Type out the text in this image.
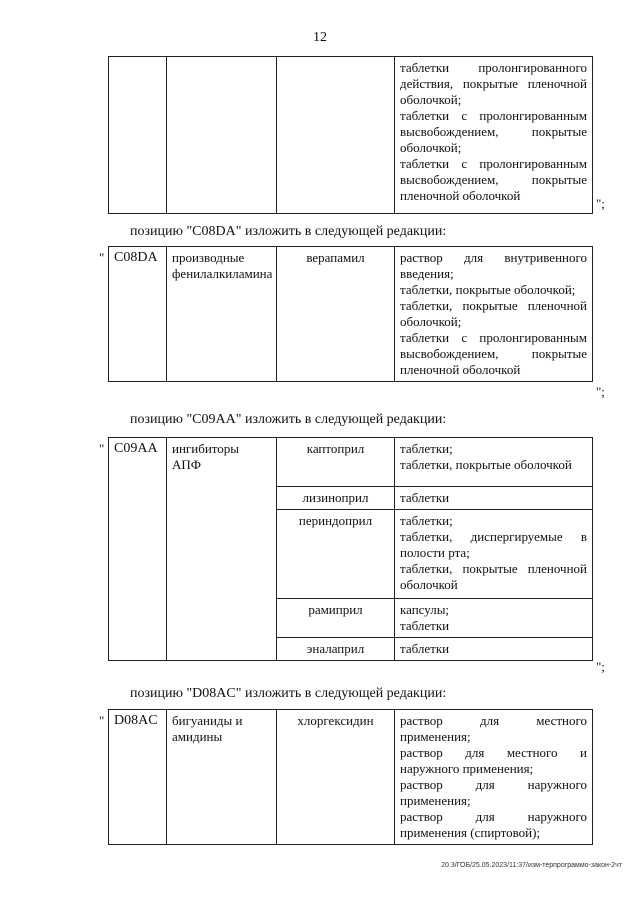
12

таблетки пролонгированного действия, покрытые пленочной оболочкой;

таблетки с пролонгированным высвобождением, покрытые оболочкой;

таблетки с пролонгированным высвобождением, покрытые пленочной оболочкой

";
позицию "C08DA" изложить в следующей редакции:
" C08DA	производные фенилалкиламина	верапамил	раствор для внутривенного введения;

таблетки, покрытые оболочкой;

таблетки, покрытые пленочной оболочкой;

таблетки с пролонгированным высвобождением, покрытые пленочной оболочкой

";
позицию "C09AA" изложить в следующей редакции:
" C09AA	ингибиторы АПФ	каптоприл	таблетки;

таблетки, покрытые оболочкой

		лизиноприл	таблетки

		периндоприл	таблетки;

таблетки, диспергируемые в полости рта;

таблетки, покрытые пленочной оболочкой

		рамиприл	капсулы;

таблетки

		эналаприл	таблетки

";
позицию "D08AC" изложить в следующей редакции:
" D08AC	бигуаниды и амидины	хлоргексидин	раствор для местного применения;

раствор для местного и наружного применения;

раствор для наружного применения;

раствор для наружного применения (спиртовой);

20.3/ГОБ/25.05.2023/11:37/изм-терпрограммо-закон-2чт
